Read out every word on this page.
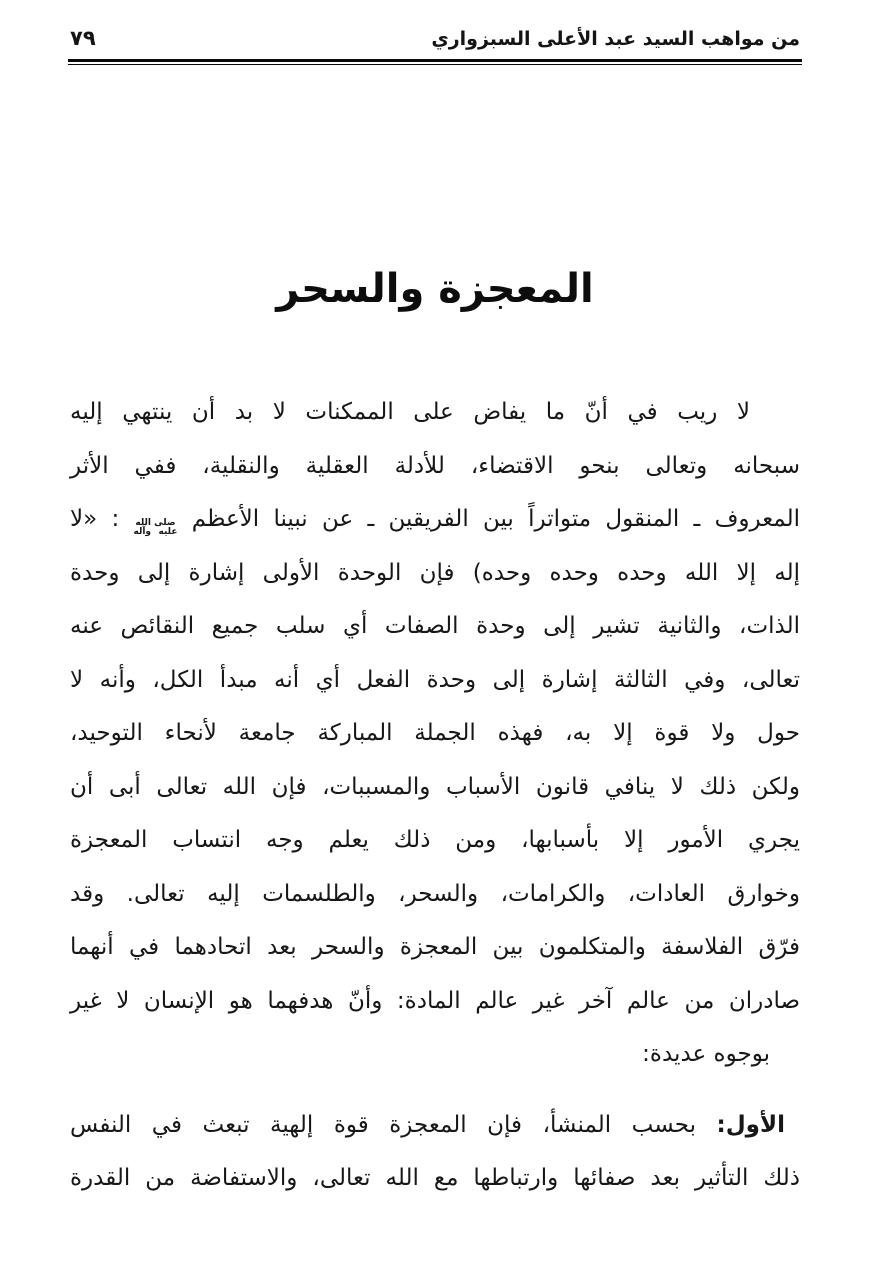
من مواهب السيد عبد الأعلى السبزواري
٧٩
المعجزة والسحر
لا ريب في أنّ ما يفاض على الممكنات لا بد أن ينتهي إليه
سبحانه وتعالى بنحو الاقتضاء، للأدلة العقلية والنقلية، ففي الأثر
المعروف ـ المنقول متواتراً بين الفريقين ـ عن نبينا الأعظم صلى الله عليه وآله : «لا
إله إلا الله وحده وحده وحده) فإن الوحدة الأولى إشارة إلى وحدة
الذات، والثانية تشير إلى وحدة الصفات أي سلب جميع النقائص عنه
تعالى، وفي الثالثة إشارة إلى وحدة الفعل أي أنه مبدأ الكل، وأنه لا
حول ولا قوة إلا به، فهذه الجملة المباركة جامعة لأنحاء التوحيد،
ولكن ذلك لا ينافي قانون الأسباب والمسببات، فإن الله تعالى أبى أن
يجري الأمور إلا بأسبابها، ومن ذلك يعلم وجه انتساب المعجزة
وخوارق العادات، والكرامات، والسحر، والطلسمات إليه تعالى. وقد
فرّق الفلاسفة والمتكلمون بين المعجزة والسحر بعد اتحادهما في أنهما
صادران من عالم آخر غير عالم المادة: وأنّ هدفهما هو الإنسان لا غير
بوجوه عديدة:
الأول: بحسب المنشأ، فإن المعجزة قوة إلهية تبعث في النفس
ذلك التأثير بعد صفائها وارتباطها مع الله تعالى، والاستفاضة من القدرة
